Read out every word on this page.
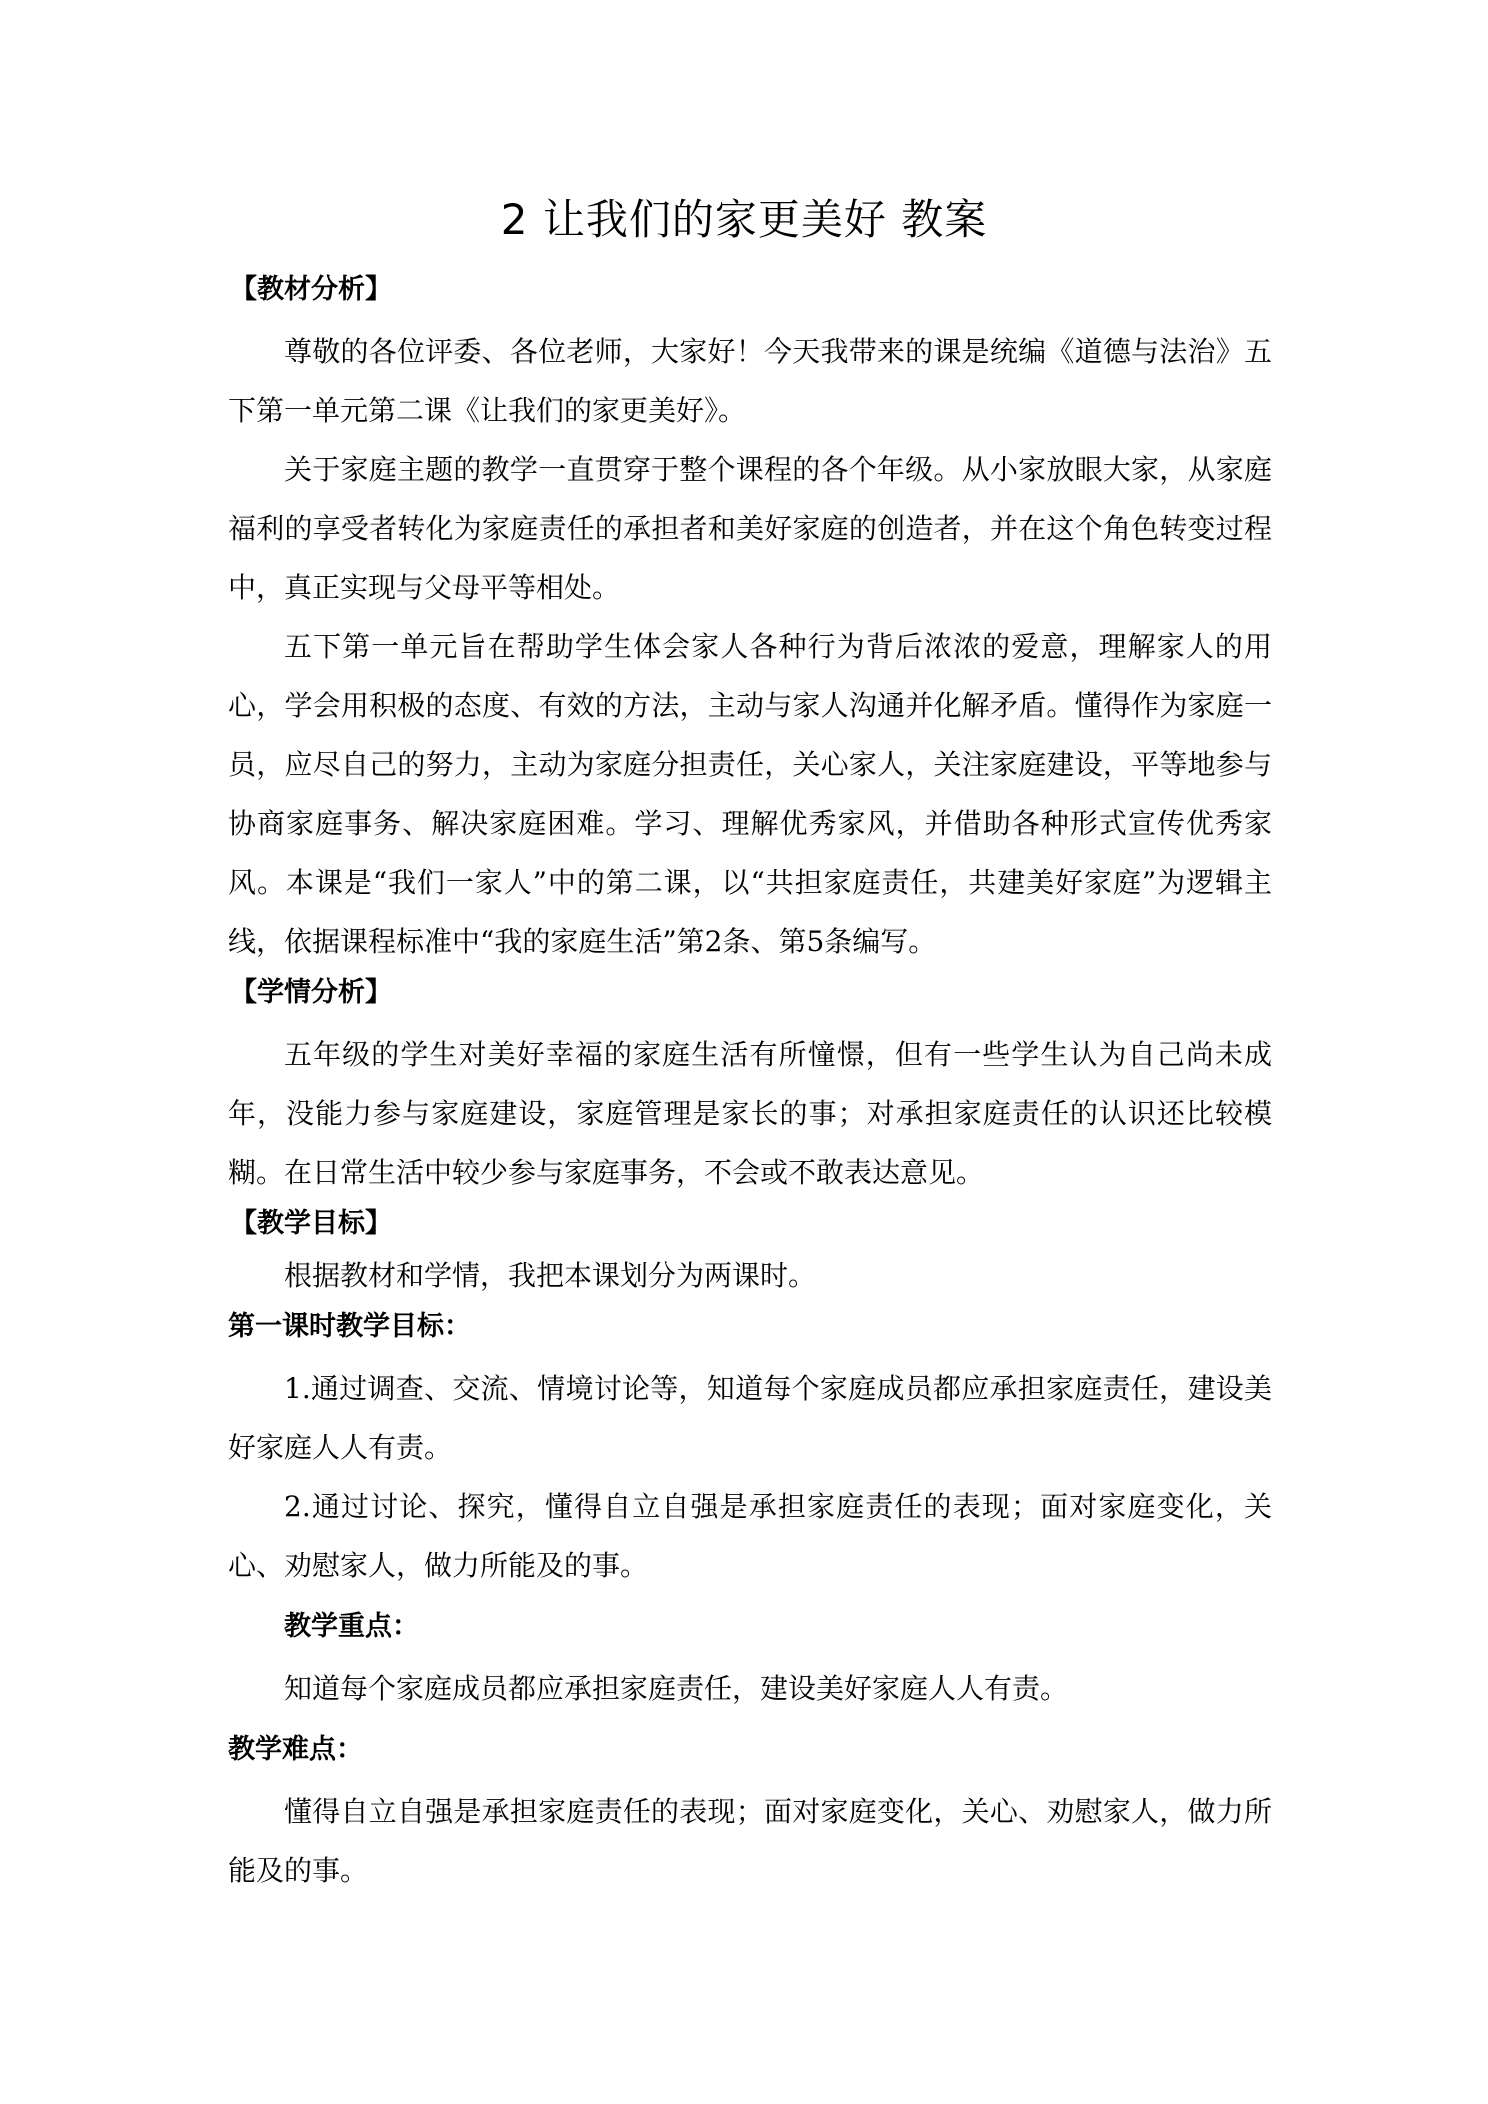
2 让我们的家更美好 教案
【教材分析】

尊敬的各位评委、各位老师，大家好！今天我带来的课是统编《道德与法治》五下第一单元第二课《让我们的家更美好》。

关于家庭主题的教学一直贯穿于整个课程的各个年级。从小家放眼大家，从家庭福利的享受者转化为家庭责任的承担者和美好家庭的创造者，并在这个角色转变过程中，真正实现与父母平等相处。

五下第一单元旨在帮助学生体会家人各种行为背后浓浓的爱意，理解家人的用心，学会用积极的态度、有效的方法，主动与家人沟通并化解矛盾。懂得作为家庭一员，应尽自己的努力，主动为家庭分担责任，关心家人，关注家庭建设，平等地参与协商家庭事务、解决家庭困难。学习、理解优秀家风，并借助各种形式宣传优秀家风。本课是“我们一家人”中的第二课，以“共担家庭责任，共建美好家庭”为逻辑主线，依据课程标准中“我的家庭生活”第2条、第5条编写。

【学情分析】

五年级的学生对美好幸福的家庭生活有所憧憬，但有一些学生认为自己尚未成年，没能力参与家庭建设，家庭管理是家长的事；对承担家庭责任的认识还比较模糊。在日常生活中较少参与家庭事务，不会或不敢表达意见。

【教学目标】

根据教材和学情，我把本课划分为两课时。

第一课时教学目标：

1.通过调查、交流、情境讨论等，知道每个家庭成员都应承担家庭责任，建设美好家庭人人有责。

2.通过讨论、探究，懂得自立自强是承担家庭责任的表现；面对家庭变化，关心、劝慰家人，做力所能及的事。

教学重点：

知道每个家庭成员都应承担家庭责任，建设美好家庭人人有责。

教学难点：

懂得自立自强是承担家庭责任的表现；面对家庭变化，关心、劝慰家人，做力所能及的事。
